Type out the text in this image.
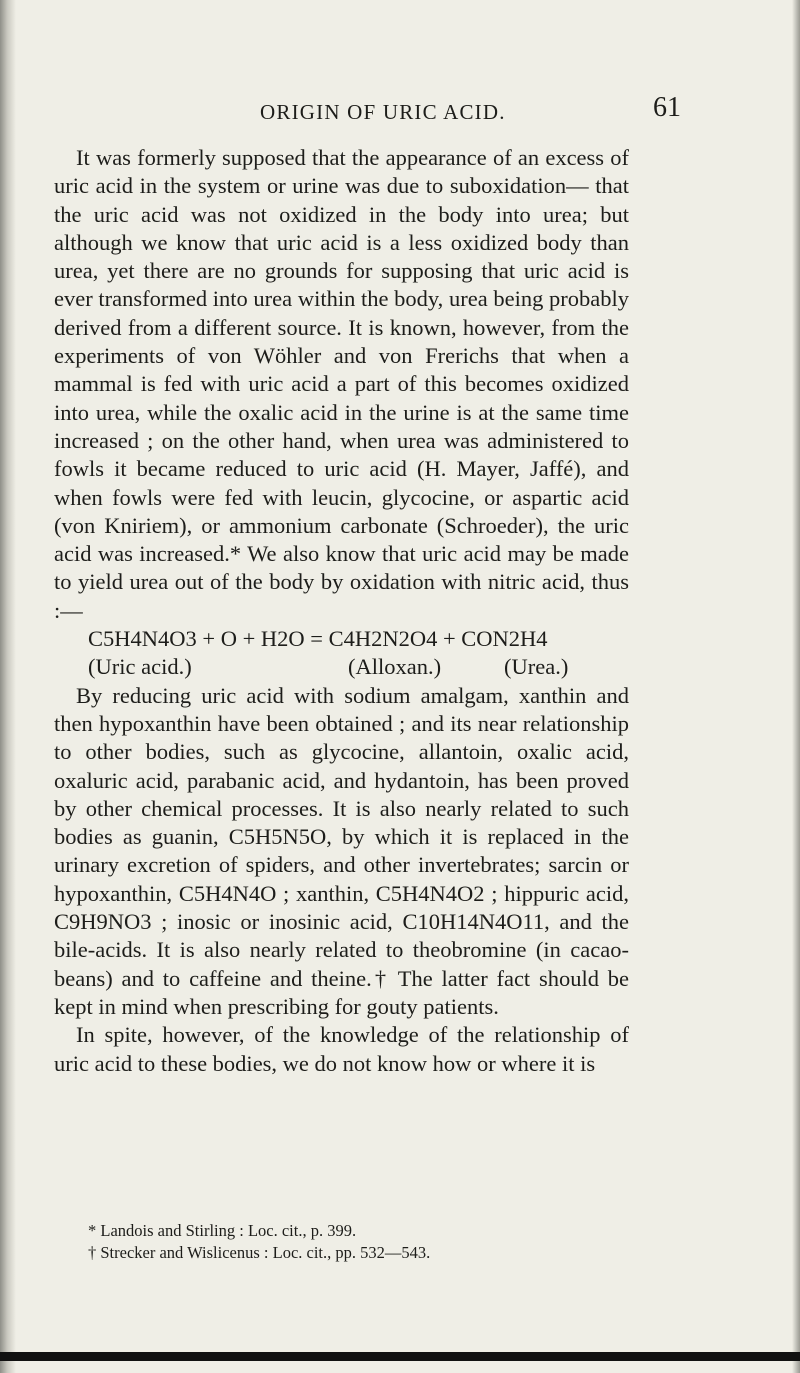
ORIGIN OF URIC ACID.	61

It was formerly supposed that the appearance of an excess of uric acid in the system or urine was due to suboxidation— that the uric acid was not oxidized in the body into urea; but although we know that uric acid is a less oxidized body than urea, yet there are no grounds for supposing that uric acid is ever transformed into urea within the body, urea being probably derived from a different source. It is known, however, from the experiments of von Wöhler and von Frerichs that when a mammal is fed with uric acid a part of this becomes oxidized into urea, while the oxalic acid in the urine is at the same time increased ; on the other hand, when urea was administered to fowls it became reduced to uric acid (H. Mayer, Jaffé), and when fowls were fed with leucin, glycocine, or aspartic acid (von Kniriem), or ammonium carbonate (Schroeder), the uric acid was increased.* We also know that uric acid may be made to yield urea out of the body by oxidation with nitric acid, thus :—

C5H4N4O3 + O + H2O = C4H2N2O4 + CON2H4
(Uric acid.)	(Alloxan.)	(Urea.)

By reducing uric acid with sodium amalgam, xanthin and then hypoxanthin have been obtained ; and its near relationship to other bodies, such as glycocine, allantoin, oxalic acid, oxaluric acid, parabanic acid, and hydantoin, has been proved by other chemical processes. It is also nearly related to such bodies as guanin, C5H5N5O, by which it is replaced in the urinary excretion of spiders, and other invertebrates; sarcin or hypoxanthin, C5H4N4O ; xanthin, C5H4N4O2 ; hippuric acid, C9H9NO3 ; inosic or inosinic acid, C10H14N4O11, and the bile-acids. It is also nearly related to theobromine (in cacao-beans) and to caffeine and theine.† The latter fact should be kept in mind when prescribing for gouty patients.

In spite, however, of the knowledge of the relationship of uric acid to these bodies, we do not know how or where it is

* Landois and Stirling : Loc. cit., p. 399.

† Strecker and Wislicenus : Loc. cit., pp. 532—543.
